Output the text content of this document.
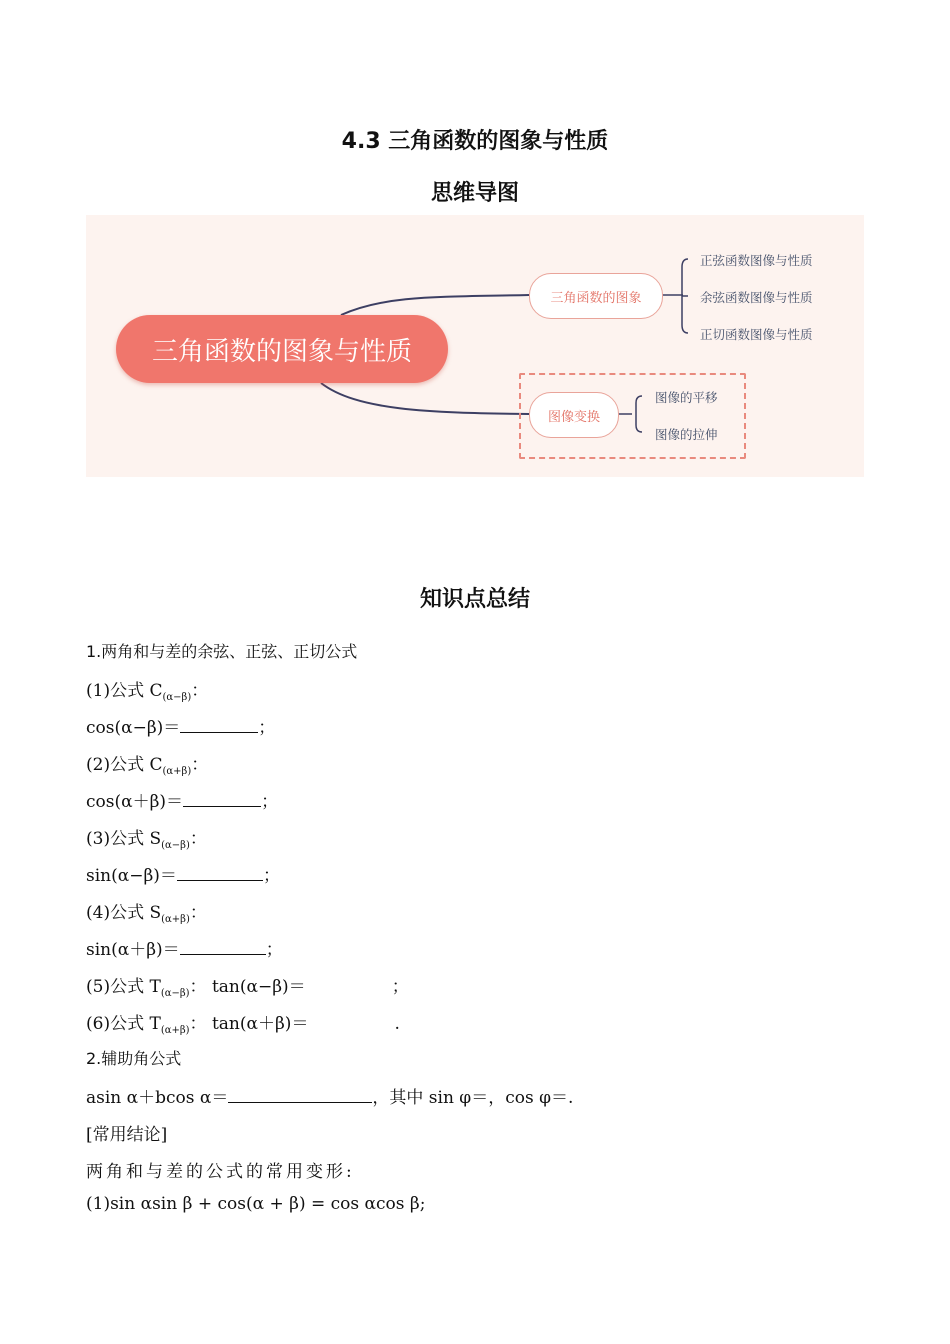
4.3 三角函数的图象与性质
思维导图
三角函数的图象与性质
三角函数的图象
图像变换
正弦函数图像与性质
余弦函数图像与性质
正切函数图像与性质
图像的平移
图像的拉伸
知识点总结
1.两角和与差的余弦、正弦、正切公式
(1)公式 $C_{(\alpha-\beta)}$：
cos(α−β)＝	；
(2)公式 $C_{(\alpha+\beta)}$：
cos(α＋β)＝	；
(3)公式 $S_{(\alpha-\beta)}$：
sin(α−β)＝	；
(4)公式 $S_{(\alpha+\beta)}$：
sin(α＋β)＝	；
(5)公式 $T_{(\alpha-\beta)}$： tan(α−β)＝	；
(6)公式 $T_{(\alpha+\beta)}$： tan(α＋β)＝	.
2.辅助角公式
asin α＋bcos α＝	，其中 sin φ＝，cos φ＝.
[常用结论]
两角和与差的公式的常用变形:
(1)sin αsin β + cos(α + β) = cos αcos β;
